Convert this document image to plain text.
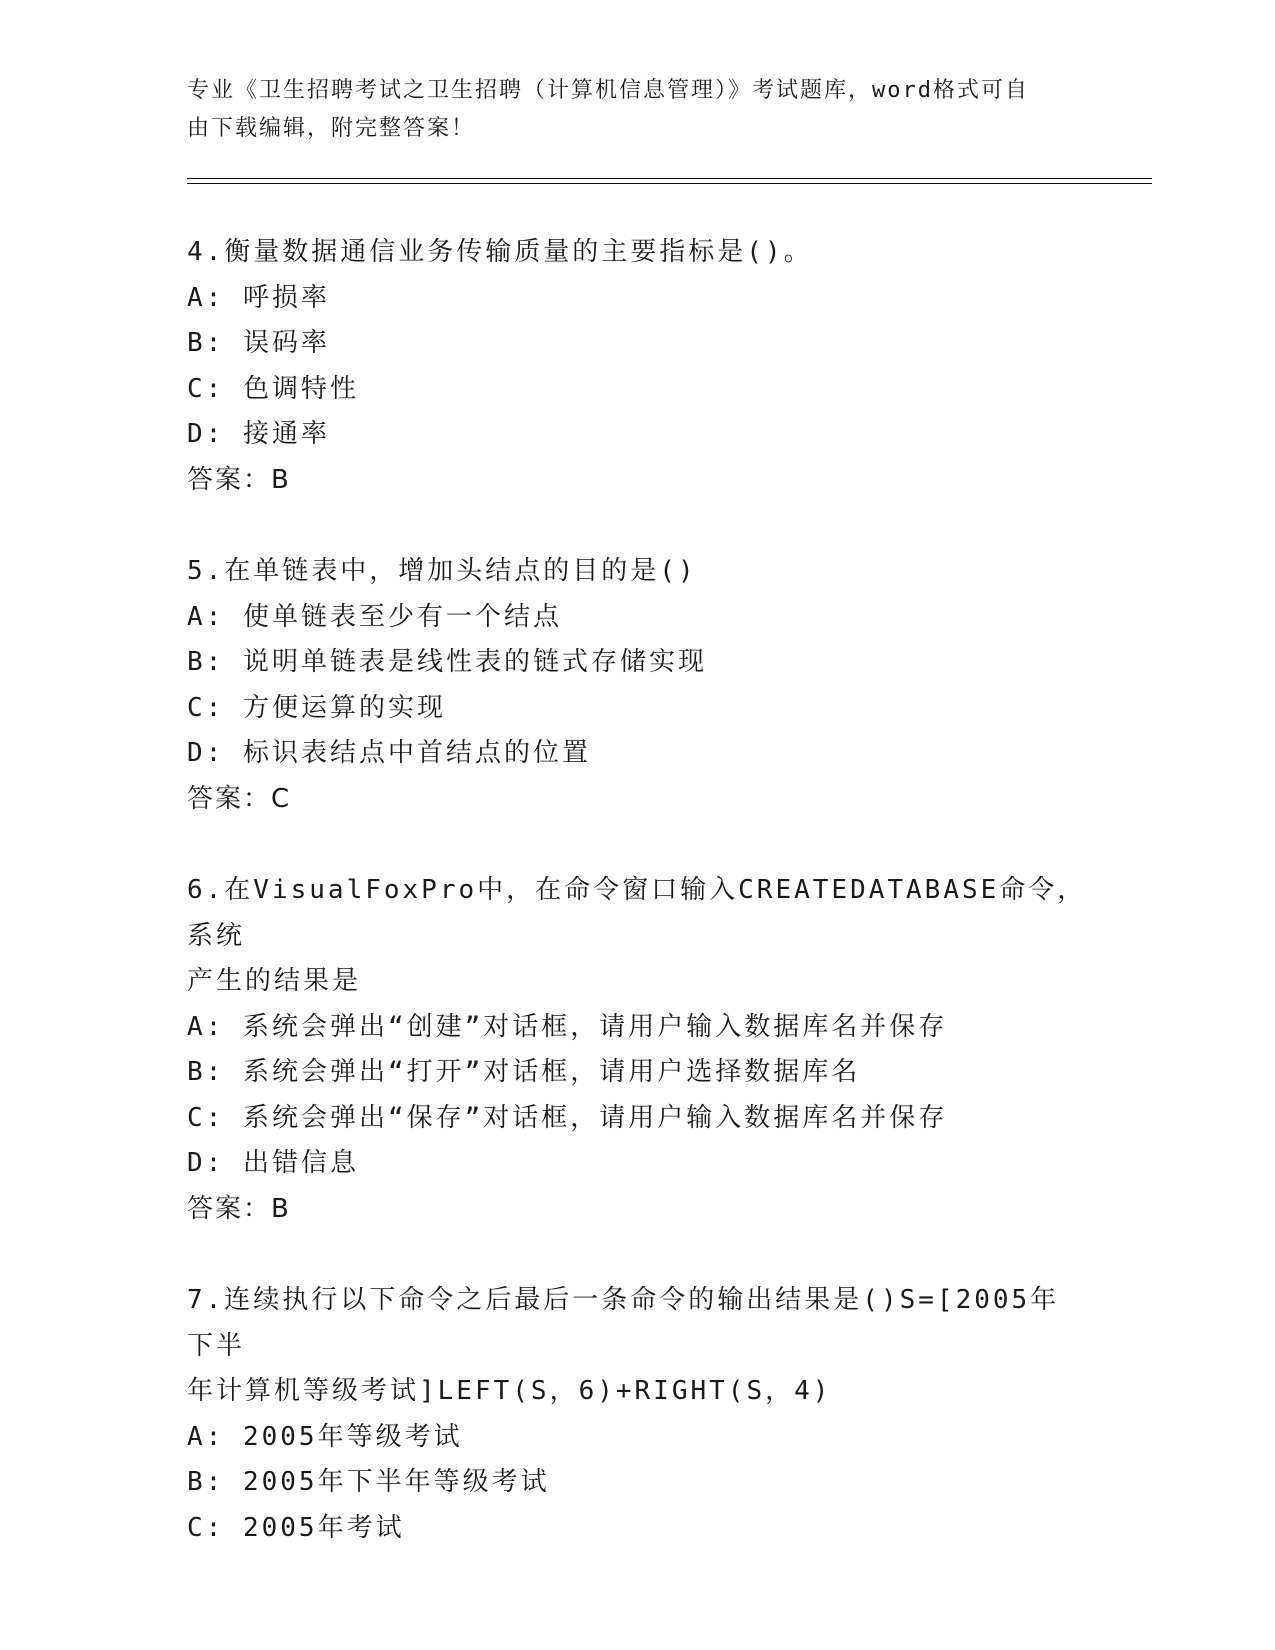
专业《卫生招聘考试之卫生招聘（计算机信息管理）》考试题库，word格式可自
由下载编辑，附完整答案！
4.衡量数据通信业务传输质量的主要指标是()。
A: 呼损率
B: 误码率
C: 色调特性
D: 接通率
答案：B
5.在单链表中，增加头结点的目的是()
A: 使单链表至少有一个结点
B: 说明单链表是线性表的链式存储实现
C: 方便运算的实现
D: 标识表结点中首结点的位置
答案：C
6.在VisualFoxPro中，在命令窗口输入CREATEDATABASE命令，系统
产生的结果是
A: 系统会弹出“创建”对话框，请用户输入数据库名并保存
B: 系统会弹出“打开”对话框，请用户选择数据库名
C: 系统会弹出“保存”对话框，请用户输入数据库名并保存
D: 出错信息
答案：B
7.连续执行以下命令之后最后一条命令的输出结果是()S=[2005年下半
年计算机等级考试]LEFT(S，6)+RIGHT(S，4)
A: 2005年等级考试
B: 2005年下半年等级考试
C: 2005年考试
